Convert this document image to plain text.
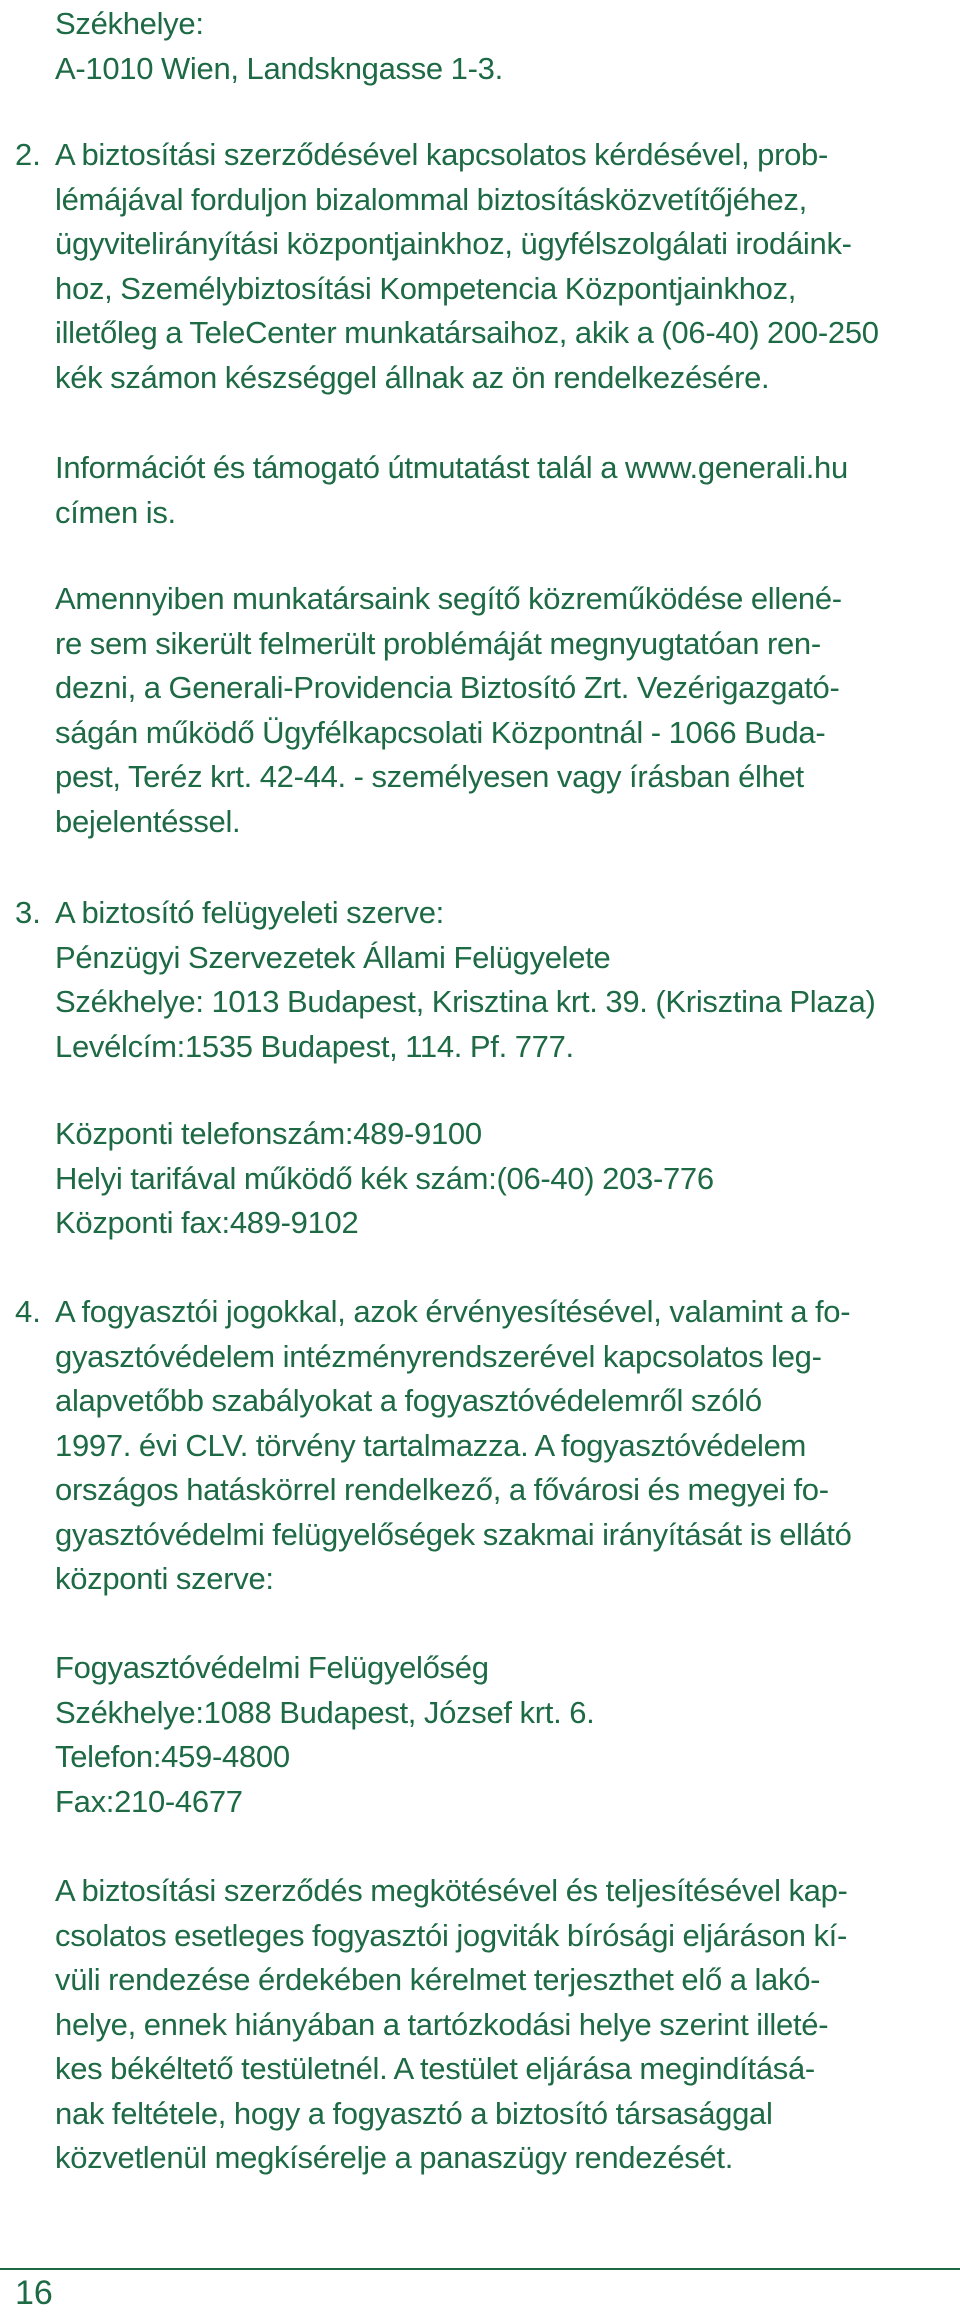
Székhelye:
A-1010 Wien, Landskngasse 1-3.
2. A biztosítási szerződésével kapcsolatos kérdésével, prob-
lémájával forduljon bizalommal biztosításközvetítőjéhez,
ügyvitelirányítási központjainkhoz, ügyfélszolgálati irodáink-
hoz, Személybiztosítási Kompetencia Központjainkhoz,
illetőleg a TeleCenter munkatársaihoz, akik a (06-40) 200-250
kék számon készséggel állnak az ön rendelkezésére.
Információt és támogató útmutatást talál a www.generali.hu
címen is.
Amennyiben munkatársaink segítő közreműködése ellené-
re sem sikerült felmerült problémáját megnyugtatóan ren-
dezni, a Generali-Providencia Biztosító Zrt. Vezérigazgató-
ságán működő Ügyfélkapcsolati Központnál - 1066 Buda-
pest, Teréz krt. 42-44. - személyesen vagy írásban élhet
bejelentéssel.
3. A biztosító felügyeleti szerve:
Pénzügyi Szervezetek Állami Felügyelete
Székhelye: 1013 Budapest, Krisztina krt. 39. (Krisztina Plaza)
Levélcím:1535 Budapest, 114. Pf. 777.
Központi telefonszám:489-9100
Helyi tarifával működő kék szám:(06-40) 203-776
Központi fax:489-9102
4. A fogyasztói jogokkal, azok érvényesítésével, valamint a fo-
gyasztóvédelem intézményrendszerével kapcsolatos leg-
alapvetőbb szabályokat a fogyasztóvédelemről szóló
1997. évi CLV. törvény tartalmazza. A fogyasztóvédelem
országos hatáskörrel rendelkező, a fővárosi és megyei fo-
gyasztóvédelmi felügyelőségek szakmai irányítását is ellátó
központi szerve:
Fogyasztóvédelmi Felügyelőség
Székhelye:1088 Budapest, József krt. 6.
Telefon:459-4800
Fax:210-4677
A biztosítási szerződés megkötésével és teljesítésével kap-
csolatos esetleges fogyasztói jogviták bírósági eljáráson kí-
vüli rendezése érdekében kérelmet terjeszthet elő a lakó-
helye, ennek hiányában a tartózkodási helye szerint illeté-
kes békéltető testületnél. A testület eljárása megindításá-
nak feltétele, hogy a fogyasztó a biztosító társasággal
közvetlenül megkísérelje a panaszügy rendezését.
16
